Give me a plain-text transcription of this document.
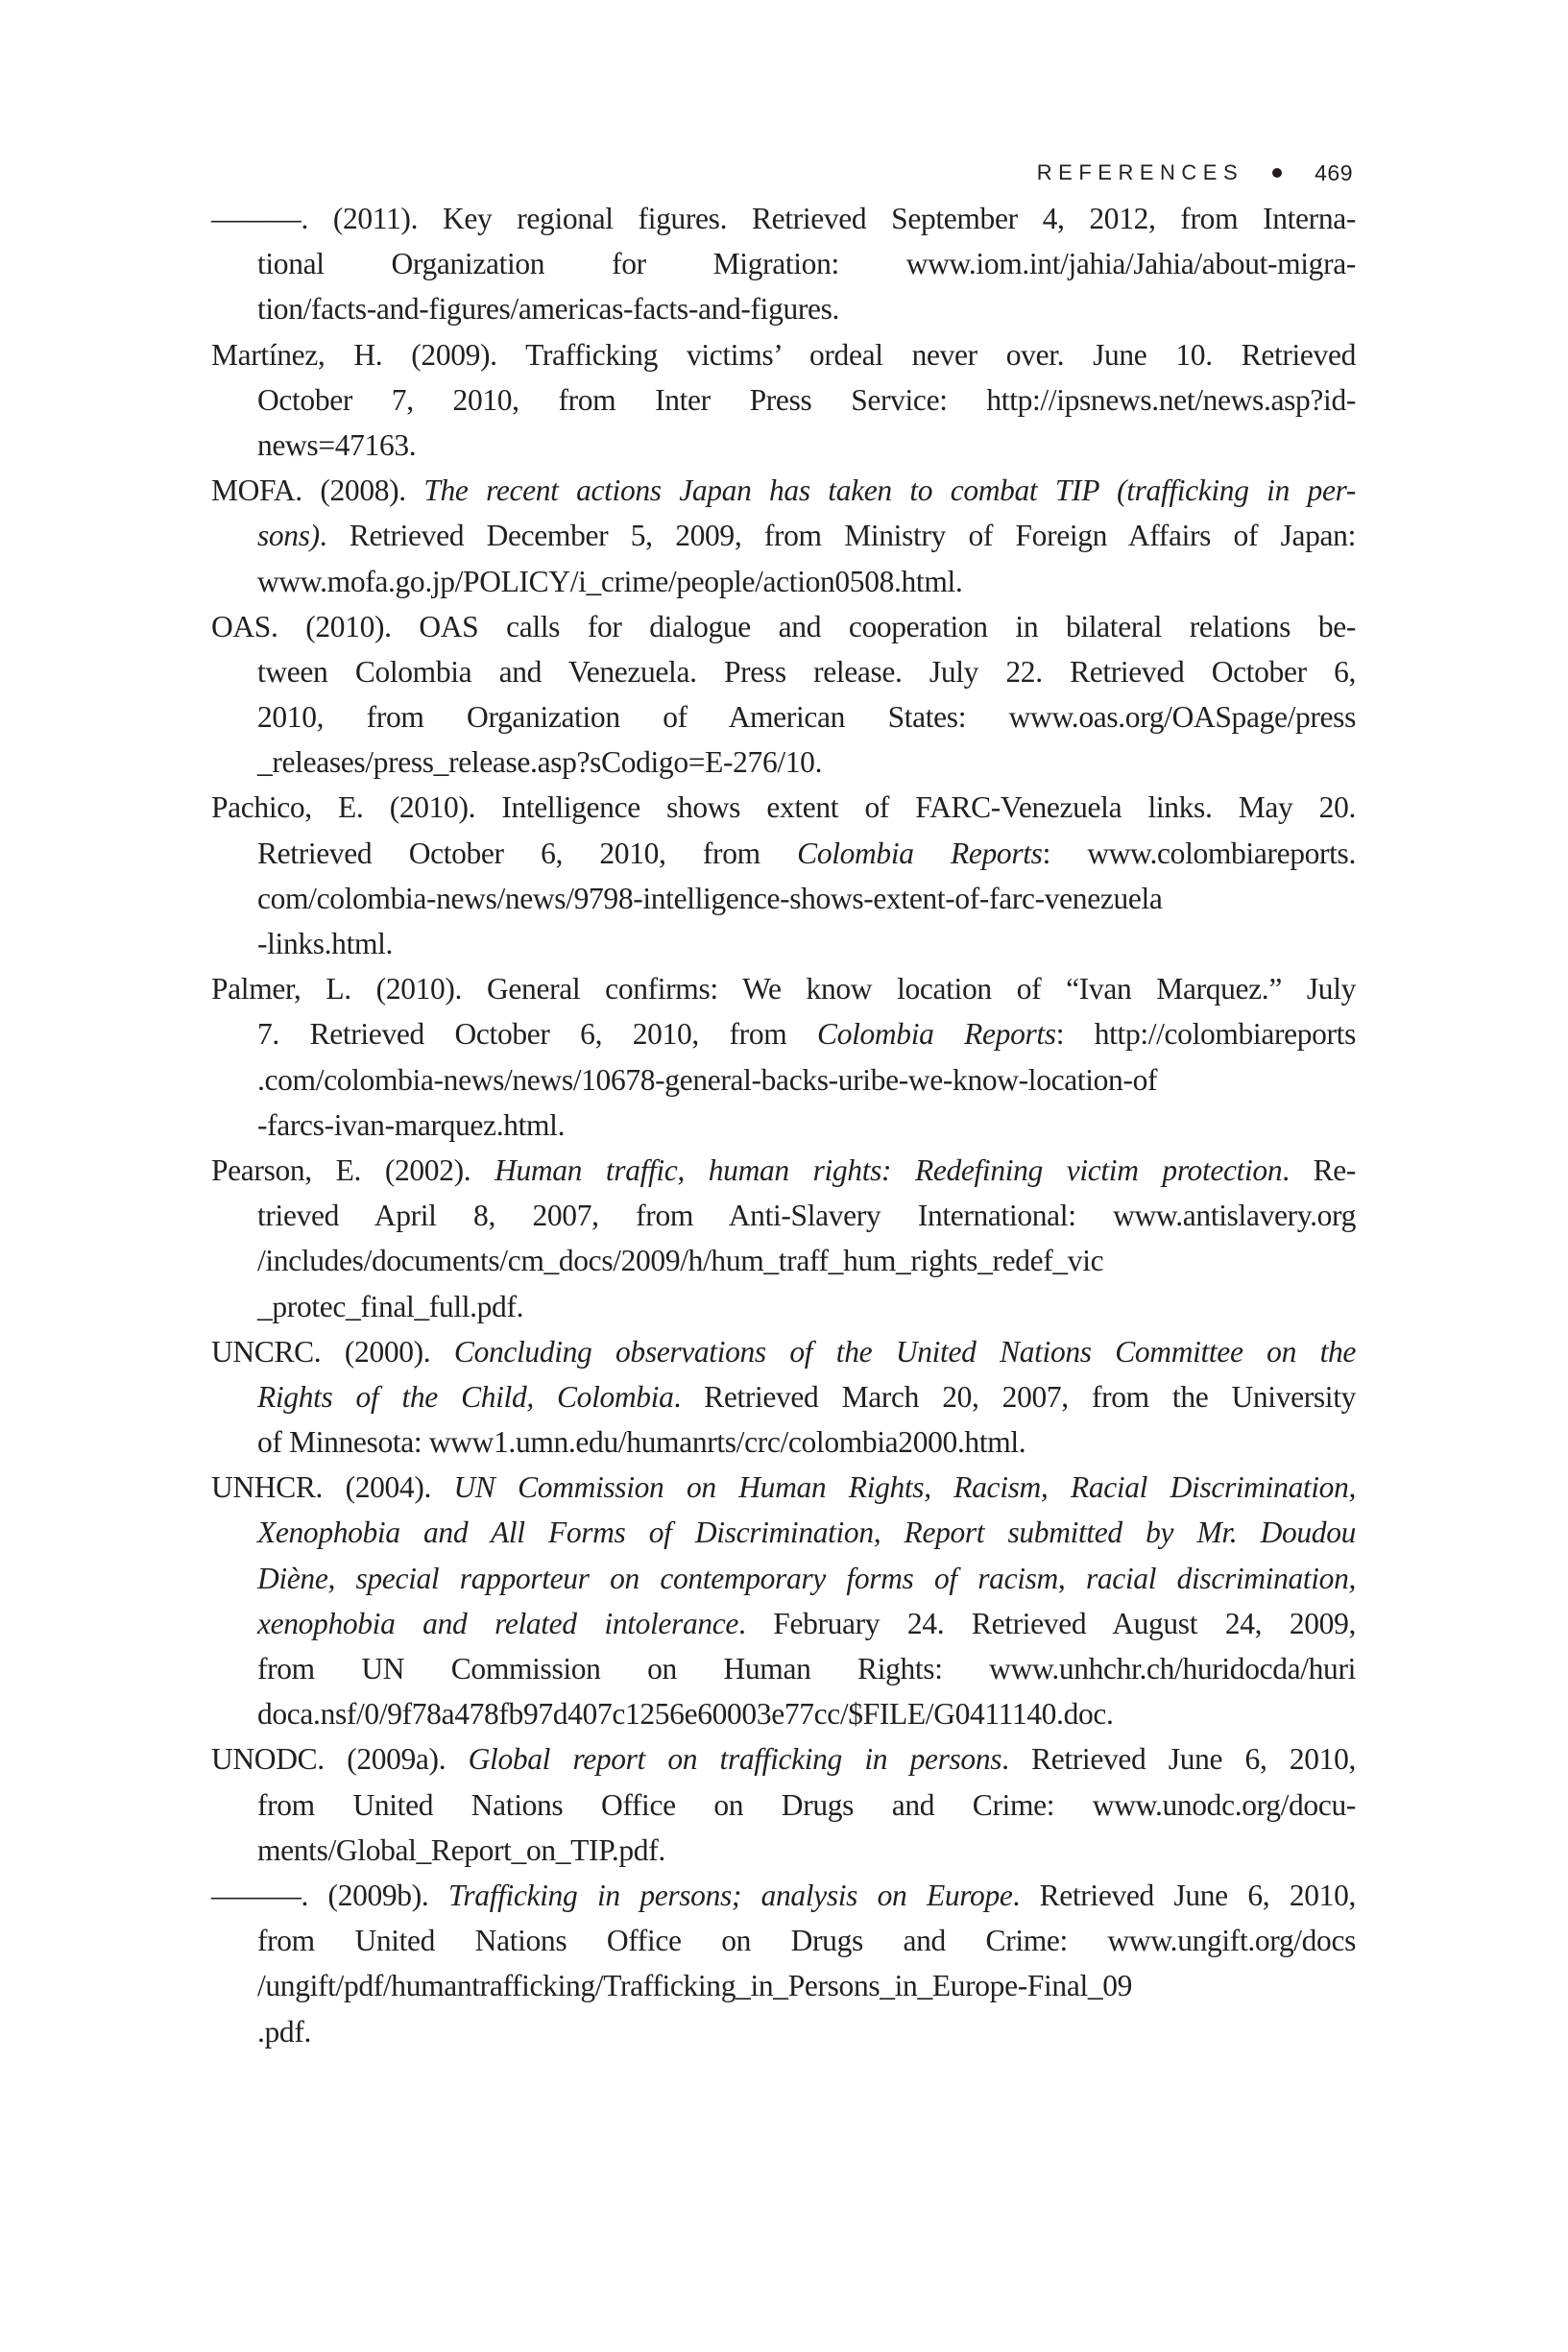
REFERENCES	469

———. (2011). Key regional figures. Retrieved September 4, 2012, from Interna-
tional Organization for Migration: www.iom.int/jahia/Jahia/about-migra-
tion/facts-and-figures/americas-facts-and-figures.

Martínez, H. (2009). Trafficking victims’ ordeal never over. June 10. Retrieved
October 7, 2010, from Inter Press Service: http://ipsnews.net/news.asp?id-
news=47163.

MOFA. (2008). The recent actions Japan has taken to combat TIP (trafficking in per-
sons). Retrieved December 5, 2009, from Ministry of Foreign Affairs of Japan:
www.mofa.go.jp/POLICY/i_crime/people/action0508.html.

OAS. (2010). OAS calls for dialogue and cooperation in bilateral relations be-
tween Colombia and Venezuela. Press release. July 22. Retrieved October 6,
2010, from Organization of American States: www.oas.org/OASpage/press
_releases/press_release.asp?sCodigo=E-276/10.

Pachico, E. (2010). Intelligence shows extent of FARC-Venezuela links. May 20.
Retrieved October 6, 2010, from Colombia Reports: www.colombiareports.
com/colombia-news/news/9798-intelligence-shows-extent-of-farc-venezuela
-links.html.

Palmer, L. (2010). General confirms: We know location of “Ivan Marquez.” July
7. Retrieved October 6, 2010, from Colombia Reports: http://colombiareports
.com/colombia-news/news/10678-general-backs-uribe-we-know-location-of
-farcs-ivan-marquez.html.

Pearson, E. (2002). Human traffic, human rights: Redefining victim protection. Re-
trieved April 8, 2007, from Anti-Slavery International: www.antislavery.org
/includes/documents/cm_docs/2009/h/hum_traff_hum_rights_redef_vic
_protec_final_full.pdf.

UNCRC. (2000). Concluding observations of the United Nations Committee on the
Rights of the Child, Colombia. Retrieved March 20, 2007, from the University
of Minnesota: www1.umn.edu/humanrts/crc/colombia2000.html.

UNHCR. (2004). UN Commission on Human Rights, Racism, Racial Discrimination,
Xenophobia and All Forms of Discrimination, Report submitted by Mr. Doudou
Diène, special rapporteur on contemporary forms of racism, racial discrimination,
xenophobia and related intolerance. February 24. Retrieved August 24, 2009,
from UN Commission on Human Rights: www.unhchr.ch/huridocda/huri
doca.nsf/0/9f78a478fb97d407c1256e60003e77cc/$FILE/G0411140.doc.

UNODC. (2009a). Global report on trafficking in persons. Retrieved June 6, 2010,
from United Nations Office on Drugs and Crime: www.unodc.org/docu-
ments/Global_Report_on_TIP.pdf.

———. (2009b). Trafficking in persons; analysis on Europe. Retrieved June 6, 2010,
from United Nations Office on Drugs and Crime: www.ungift.org/docs
/ungift/pdf/humantrafficking/Trafficking_in_Persons_in_Europe-Final_09
.pdf.
